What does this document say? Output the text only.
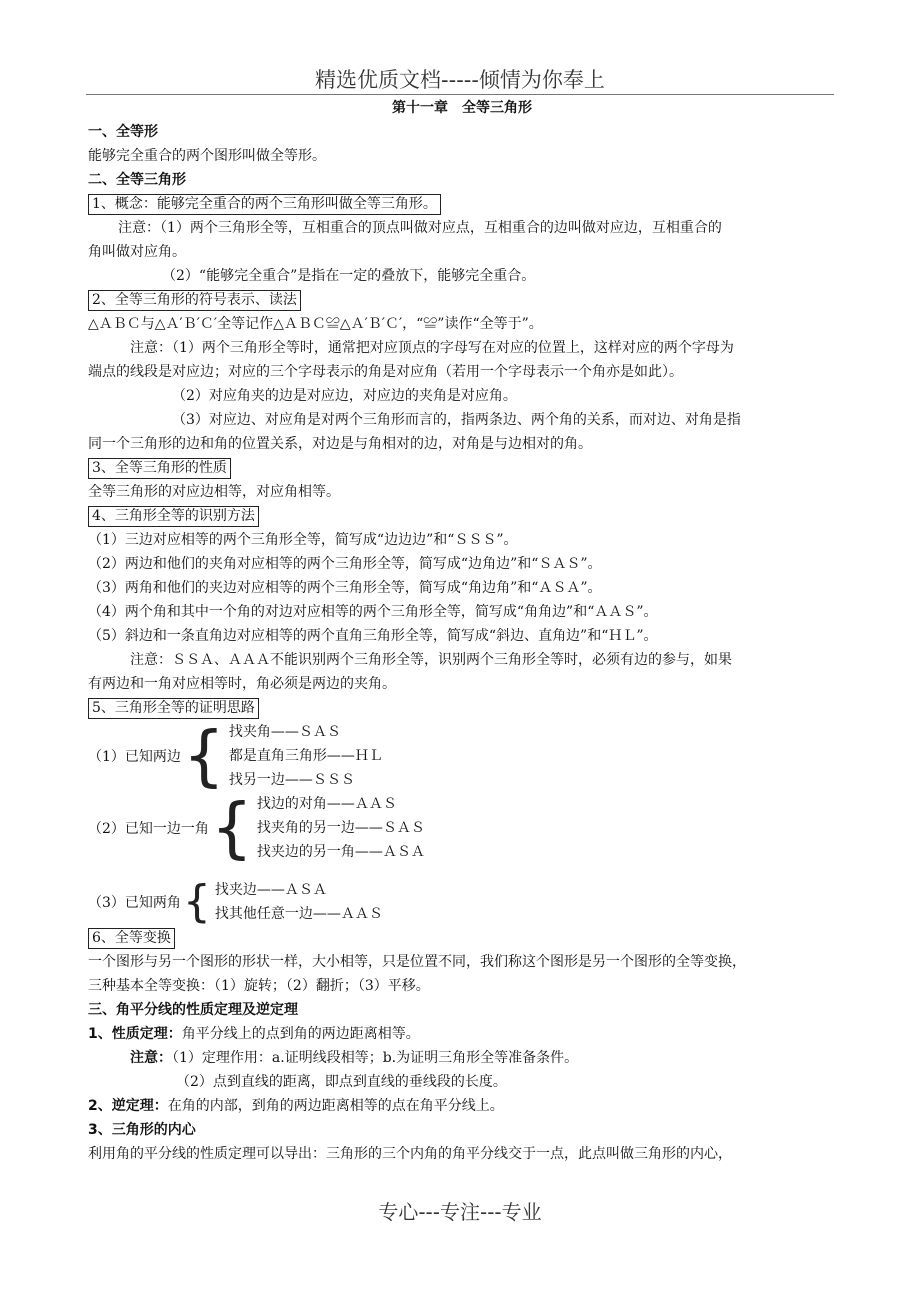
精选优质文档-----倾情为你奉上
第十一章　全等三角形
一、全等形
能够完全重合的两个图形叫做全等形。
二、全等三角形
1、概念：能够完全重合的两个三角形叫做全等三角形。
注意：（1）两个三角形全等，互相重合的顶点叫做对应点，互相重合的边叫做对应边，互相重合的
角叫做对应角。
（2）“能够完全重合”是指在一定的叠放下，能够完全重合。
2、全等三角形的符号表示、读法
△ＡＢＣ与△Ａ′Ｂ′Ｃ′全等记作△ＡＢＣ≌△Ａ′Ｂ′Ｃ′，“≌”读作“全等于”。
注意：（1）两个三角形全等时，通常把对应顶点的字母写在对应的位置上，这样对应的两个字母为
端点的线段是对应边；对应的三个字母表示的角是对应角（若用一个字母表示一个角亦是如此）。
（2）对应角夹的边是对应边，对应边的夹角是对应角。
（3）对应边、对应角是对两个三角形而言的，指两条边、两个角的关系，而对边、对角是指
同一个三角形的边和角的位置关系，对边是与角相对的边，对角是与边相对的角。
3、全等三角形的性质
全等三角形的对应边相等，对应角相等。
4、三角形全等的识别方法
（1）三边对应相等的两个三角形全等，简写成“边边边”和“ＳＳＳ”。
（2）两边和他们的夹角对应相等的两个三角形全等，简写成“边角边”和“ＳＡＳ”。
（3）两角和他们的夹边对应相等的两个三角形全等，简写成“角边角”和“ＡＳＡ”。
（4）两个角和其中一个角的对边对应相等的两个三角形全等，简写成“角角边”和“ＡＡＳ”。
（5）斜边和一条直角边对应相等的两个直角三角形全等，简写成“斜边、直角边”和“ＨＬ”。
注意：ＳＳＡ、ＡＡＡ不能识别两个三角形全等，识别两个三角形全等时，必须有边的参与，如果
有两边和一角对应相等时，角必须是两边的夹角。
5、三角形全等的证明思路
（1）已知两边 { 找夹角——ＳＡＳ
都是直角三角形——ＨＬ
找另一边——ＳＳＳ
（2）已知一边一角 { 找边的对角——ＡＡＳ
找夹角的另一边——ＳＡＳ
找夹边的另一角——ＡＳＡ
（3）已知两角 { 找夹边——ＡＳＡ
找其他任意一边——ＡＡＳ
6、全等变换
一个图形与另一个图形的形状一样，大小相等，只是位置不同，我们称这个图形是另一个图形的全等变换，
三种基本全等变换：（1）旋转；（2）翻折；（3）平移。
三、角平分线的性质定理及逆定理
1、性质定理：角平分线上的点到角的两边距离相等。
注意：（1）定理作用：a.证明线段相等；b.为证明三角形全等准备条件。
（2）点到直线的距离，即点到直线的垂线段的长度。
2、逆定理：在角的内部，到角的两边距离相等的点在角平分线上。
3、三角形的内心
利用角的平分线的性质定理可以导出：三角形的三个内角的角平分线交于一点，此点叫做三角形的内心，
专心---专注---专业
